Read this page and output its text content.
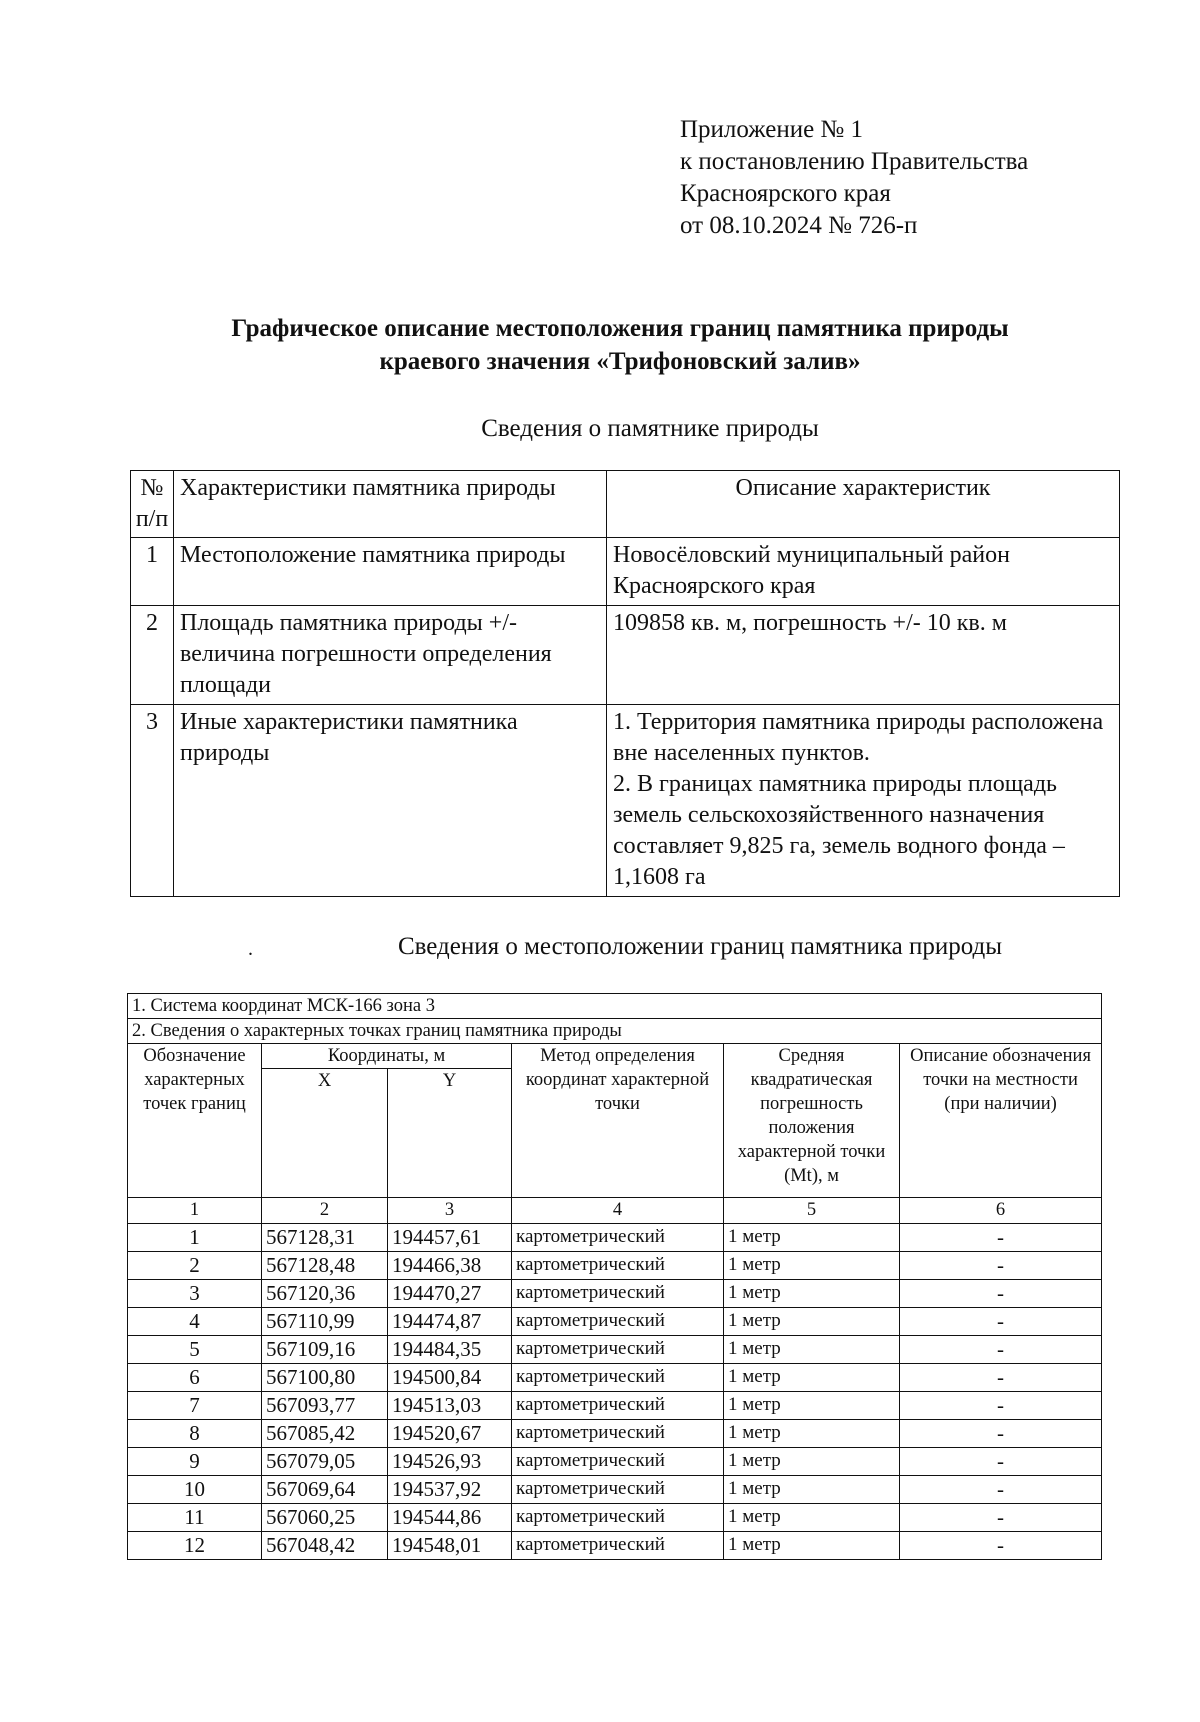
Приложение № 1
к постановлению Правительства
Красноярского края
от 08.10.2024 № 726-п
Графическое описание местоположения границ памятника природы
краевого значения «Трифоновский залив»
Сведения о памятнике природы
№ п/п	Характеристики памятника природы	Описание характеристик
1	Местоположение памятника природы	Новосёловский муниципальный район Красноярского края
2	Площадь памятника природы +/- величина погрешности определения площади	109858 кв. м, погрешность +/- 10 кв. м
3	Иные характеристики памятника природы	1. Территория памятника природы расположена вне населенных пунктов.
2. В границах памятника природы площадь земель сельскохозяйственного назначения составляет 9,825 га, земель водного фонда – 1,1608 га
.	Сведения о местоположении границ памятника природы
1. Система координат МСК-166 зона 3					
2. Сведения о характерных точках границ памятника природы					
Обозначение характерных точек границ	Координаты, м		Метод определения координат характерной точки	Средняя квадратическая погрешность положения характерной точки (Mt), м	Описание обозначения точки на местности (при наличии)
	X	Y			
1	2	3	4	5	6
1	567128,31	194457,61	картометрический	1 метр	-
2	567128,48	194466,38	картометрический	1 метр	-
3	567120,36	194470,27	картометрический	1 метр	-
4	567110,99	194474,87	картометрический	1 метр	-
5	567109,16	194484,35	картометрический	1 метр	-
6	567100,80	194500,84	картометрический	1 метр	-
7	567093,77	194513,03	картометрический	1 метр	-
8	567085,42	194520,67	картометрический	1 метр	-
9	567079,05	194526,93	картометрический	1 метр	-
10	567069,64	194537,92	картометрический	1 метр	-
11	567060,25	194544,86	картометрический	1 метр	-
12	567048,42	194548,01	картометрический	1 метр	-
